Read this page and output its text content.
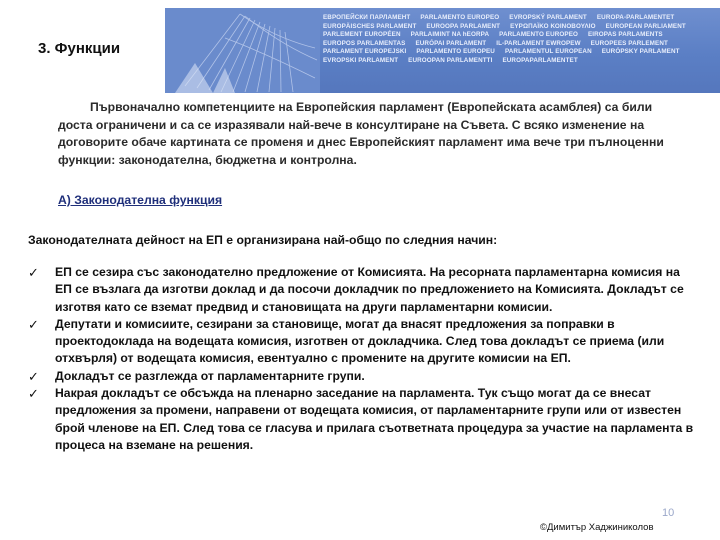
ЕВРОПЕЙСКИ ПАРЛАМЕНТ PARLAMENTO EUROPEO EVROPSKÝ PARLAMENT EUROPA-PARLAMENTET
EUROPÄISCHES PARLAMENT EUROOPA PARLAMENT ΕΥΡΩΠΑΪΚΟ ΚΟΙΝΟΒΟΥΛΙΟ EUROPEAN PARLIAMENT
PARLEMENT EUROPÉEN PARLAIMINT NA hEORPA PARLAMENTO EUROPEO EIROPAS PARLAMENTS
EUROPOS PARLAMENTAS EURÓPAI PARLAMENT IL-PARLAMENT EWROPEW EUROPEES PARLEMENT
PARLAMENT EUROPEJSKI PARLAMENTO EUROPEU PARLAMENTUL EUROPEAN EURÓPSKY PARLAMENT
EVROPSKI PARLAMENT EUROOPAN PARLAMENTTI EUROPAPARLAMENTET
3. Функции

Първоначално компетенциите на Европейския парламент (Европейската асамблея) са били доста ограничени и са се изразявали най-вече в консултиране на Съвета. С всяко изменение на договорите обаче картината се променя и днес Европейският парламент има вече три пълноценни функции: законодателна, бюджетна и контролна.

А) Законодателна функция
Законодателната дейност на ЕП е организирана най-общо по следния начин:
✓ ЕП се сезира със законодателно предложение от Комисията. На ресорната парламентарна комисия на ЕП се възлага да изготви доклад и да посочи докладчик по предложението на Комисията. Докладът се изготвя като се вземат предвид и становищата на други парламентарни комисии.
✓ Депутати и комисиите, сезирани за становище, могат да внасят предложения за поправки в проектодоклада на водещата комисия, изготвен от докладчика. След това докладът се приема (или отхвърля) от водещата комисия, евентуално с промените на другите комисии на ЕП.
✓ Докладът се разглежда от парламентарните групи.
✓ Накрая докладът се обсъжда на пленарно заседание на парламента. Тук също могат да се внесат предложения за промени, направени от водещата комисия, от парламентарните групи или от известен брой членове на ЕП. След това се гласува и прилага съответната процедура за участие на парламента в процеса на вземане на решения.
10
©Димитър Хаджиниколов
